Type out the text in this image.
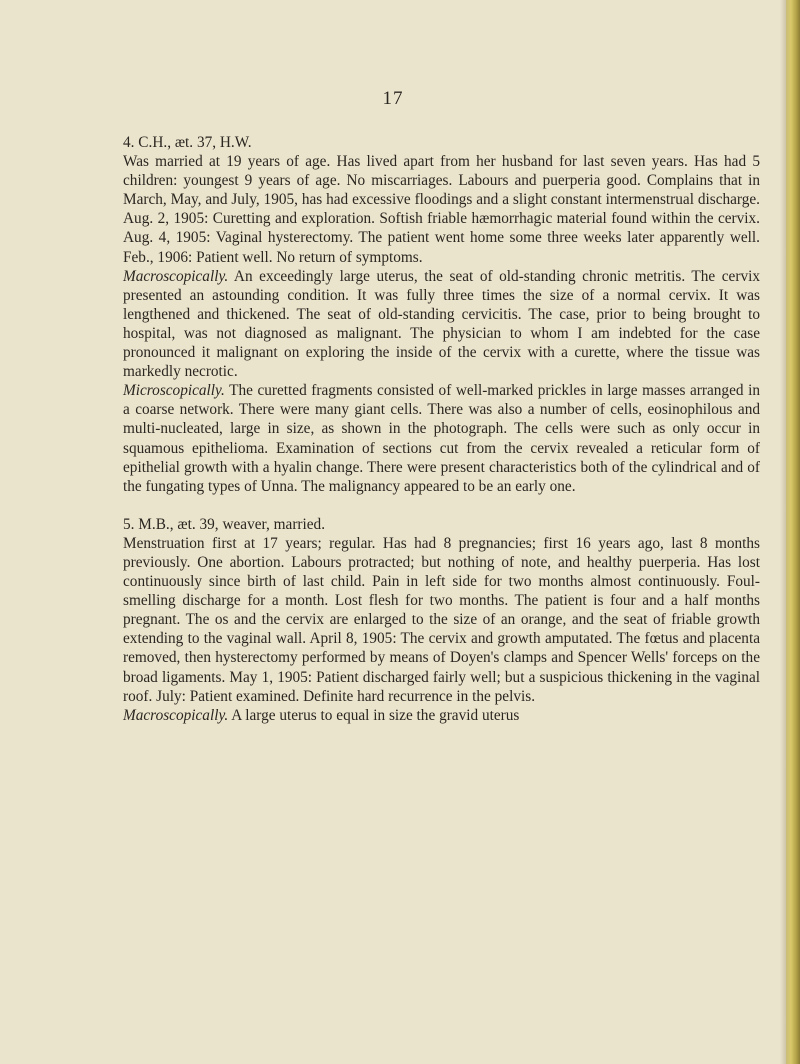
17
4. C.H., æt. 37, H.W.
Was married at 19 years of age. Has lived apart from her husband for last seven years. Has had 5 children: youngest 9 years of age. No miscarriages. Labours and puerperia good. Complains that in March, May, and July, 1905, has had excessive floodings and a slight constant intermenstrual discharge. Aug. 2, 1905: Curetting and exploration. Softish friable hæmorrhagic material found within the cervix. Aug. 4, 1905: Vaginal hysterectomy. The patient went home some three weeks later apparently well. Feb., 1906: Patient well. No return of symptoms.
Macroscopically. An exceedingly large uterus, the seat of old-standing chronic metritis. The cervix presented an astounding condition. It was fully three times the size of a normal cervix. It was lengthened and thickened. The seat of old-standing cervicitis. The case, prior to being brought to hospital, was not diagnosed as malignant. The physician to whom I am indebted for the case pronounced it malignant on exploring the inside of the cervix with a curette, where the tissue was markedly necrotic.
Microscopically. The curetted fragments consisted of well-marked prickles in large masses arranged in a coarse network. There were many giant cells. There was also a number of cells, eosinophilous and multi-nucleated, large in size, as shown in the photograph. The cells were such as only occur in squamous epithelioma. Examination of sections cut from the cervix revealed a reticular form of epithelial growth with a hyalin change. There were present characteristics both of the cylindrical and of the fungating types of Unna. The malignancy appeared to be an early one.
5. M.B., æt. 39, weaver, married.
Menstruation first at 17 years; regular. Has had 8 pregnancies; first 16 years ago, last 8 months previously. One abortion. Labours protracted; but nothing of note, and healthy puerperia. Has lost continuously since birth of last child. Pain in left side for two months almost continuously. Foul-smelling discharge for a month. Lost flesh for two months. The patient is four and a half months pregnant. The os and the cervix are enlarged to the size of an orange, and the seat of friable growth extending to the vaginal wall. April 8, 1905: The cervix and growth amputated. The fœtus and placenta removed, then hysterectomy performed by means of Doyen's clamps and Spencer Wells' forceps on the broad ligaments. May 1, 1905: Patient discharged fairly well; but a suspicious thickening in the vaginal roof. July: Patient examined. Definite hard recurrence in the pelvis.
Macroscopically. A large uterus to equal in size the gravid uterus
